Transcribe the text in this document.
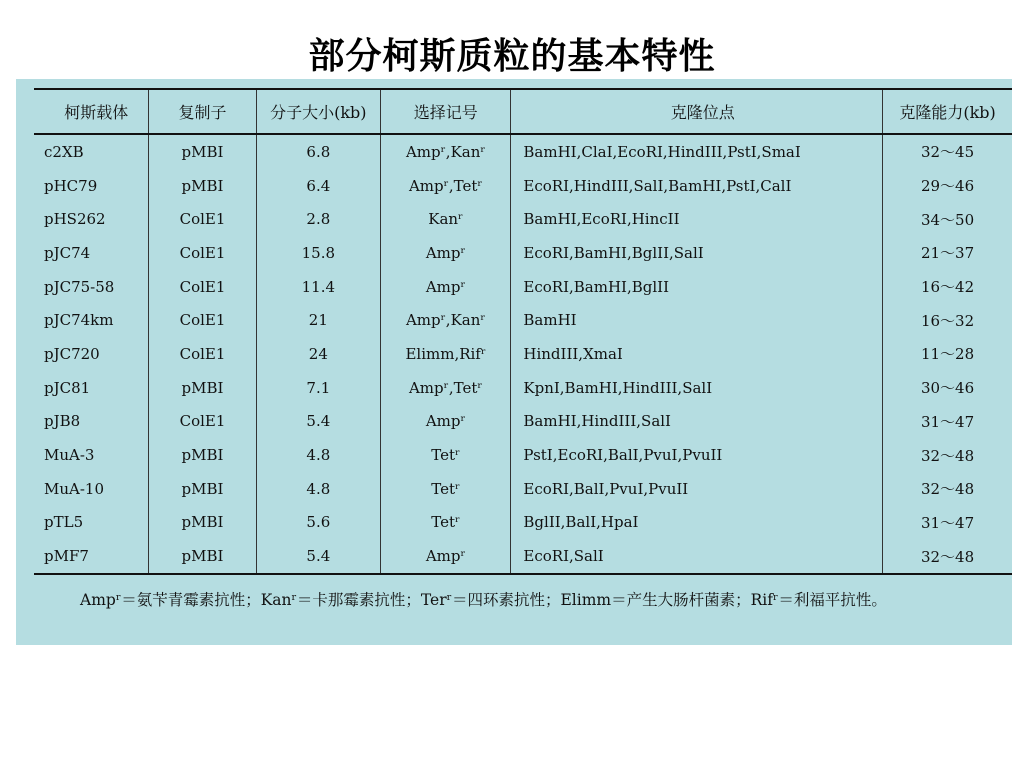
部分柯斯质粒的基本特性
柯斯载体	复制子	分子大小(kb)	选择记号	克隆位点	克隆能力(kb)
c2XB	pMBI	6.8	Ampʳ,Kanʳ	BamHI,ClaI,EcoRI,HindIII,PstI,SmaI	32～45
pHC79	pMBI	6.4	Ampʳ,Tetʳ	EcoRI,HindIII,SalI,BamHI,PstI,CalI	29～46
pHS262	ColE1	2.8	Kanʳ	BamHI,EcoRI,HincII	34～50
pJC74	ColE1	15.8	Ampʳ	EcoRI,BamHI,BglII,SalI	21～37
pJC75-58	ColE1	11.4	Ampʳ	EcoRI,BamHI,BglII	16～42
pJC74km	ColE1	21	Ampʳ,Kanʳ	BamHI	16～32
pJC720	ColE1	24	Elimm,Rifʳ	HindIII,XmaI	11～28
pJC81	pMBI	7.1	Ampʳ,Tetʳ	KpnI,BamHI,HindIII,SalI	30～46
pJB8	ColE1	5.4	Ampʳ	BamHI,HindIII,SalI	31～47
MuA-3	pMBI	4.8	Tetʳ	PstI,EcoRI,BalI,PvuI,PvuII	32～48
MuA-10	pMBI	4.8	Tetʳ	EcoRI,BalI,PvuI,PvuII	32～48
pTL5	pMBI	5.6	Tetʳ	BglII,BalI,HpaI	31～47
pMF7	pMBI	5.4	Ampʳ	EcoRI,SalI	32～48
Ampʳ＝氨苄青霉素抗性；Kanʳ＝卡那霉素抗性；Terʳ＝四环素抗性；Elimm＝产生大肠杆菌素；Rifʳ＝利福平抗性。
